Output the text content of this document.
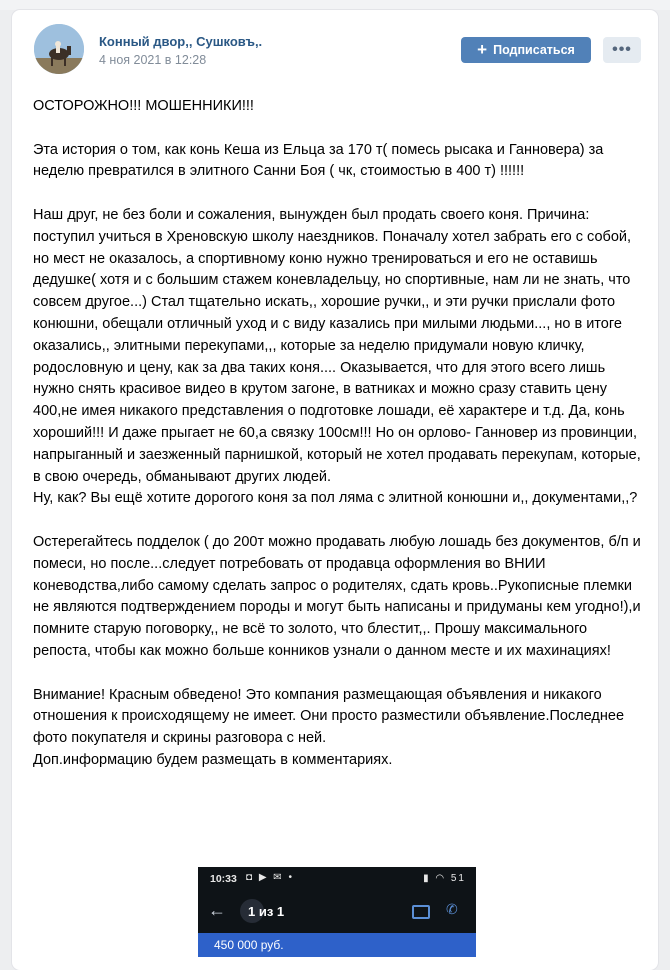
Конный двор,, Сушковъ,.
4 ноя 2021 в 12:28
+ Подписаться •••

ОСТОРОЖНО!!! МОШЕННИКИ!!!

Эта история о том, как конь Кеша из Ельца за 170 т( помесь рысака и Ганновера) за неделю превратился в элитного Санни Боя ( чк, стоимостью в 400 т) !!!!!!

Наш друг, не без боли и сожаления, вынужден был продать своего коня. Причина: поступил учиться в Хреновскую школу наездников. Поначалу хотел забрать его с собой, но мест не оказалось, а спортивному коню нужно тренироваться и его не оставишь дедушке( хотя и с большим стажем коневладельцу, но спортивные, нам ли не знать, что совсем другое...) Стал тщательно искать,, хорошие ручки,, и эти ручки прислали фото конюшни, обещали отличный уход и с виду казались при милыми людьми..., но в итоге оказались,, элитными перекупами,,, которые за неделю придумали новую кличку, родословную и цену, как за два таких коня.... Оказывается, что для этого всего лишь нужно снять красивое видео в крутом загоне, в ватниках и можно сразу ставить цену 400,не имея никакого представления о подготовке лошади, её характере и т.д. Да, конь хороший!!! И даже прыгает не 60,а связку 100см!!! Но он орлово- Ганновер из провинции, напрыганный и заезженный парнишкой, который не хотел продавать перекупам, которые, в свою очередь, обманывают других людей.

Ну, как? Вы ещё хотите дорогого коня за пол ляма с элитной конюшни и,, документами,,?

Остерегайтесь подделок ( до 200т можно продавать любую лошадь без документов, б/п и помеси, но после...следует потребовать от продавца оформления во ВНИИ коневодства,либо самому сделать запрос о родителях, сдать кровь..Рукописные племки не являются подтверждением породы и могут быть написаны и придуманы кем угодно!),и помните старую поговорку,, не всё то золото, что блестит,,. Прошу максимального репоста, чтобы как можно больше конников узнали о данном месте и их махинациях!

Внимание! Красным обведено! Это компания размещающая объявления и никакого отношения к происходящему не имеет. Они просто разместили объявление.Последнее фото покупателя и скрины разговора с ней.

Доп.информацию будем размещать в комментариях.

10:33 ◘ ▶ ✉ •	▮ ◠ 51
← 1 из 1	✆
450 000 руб.
